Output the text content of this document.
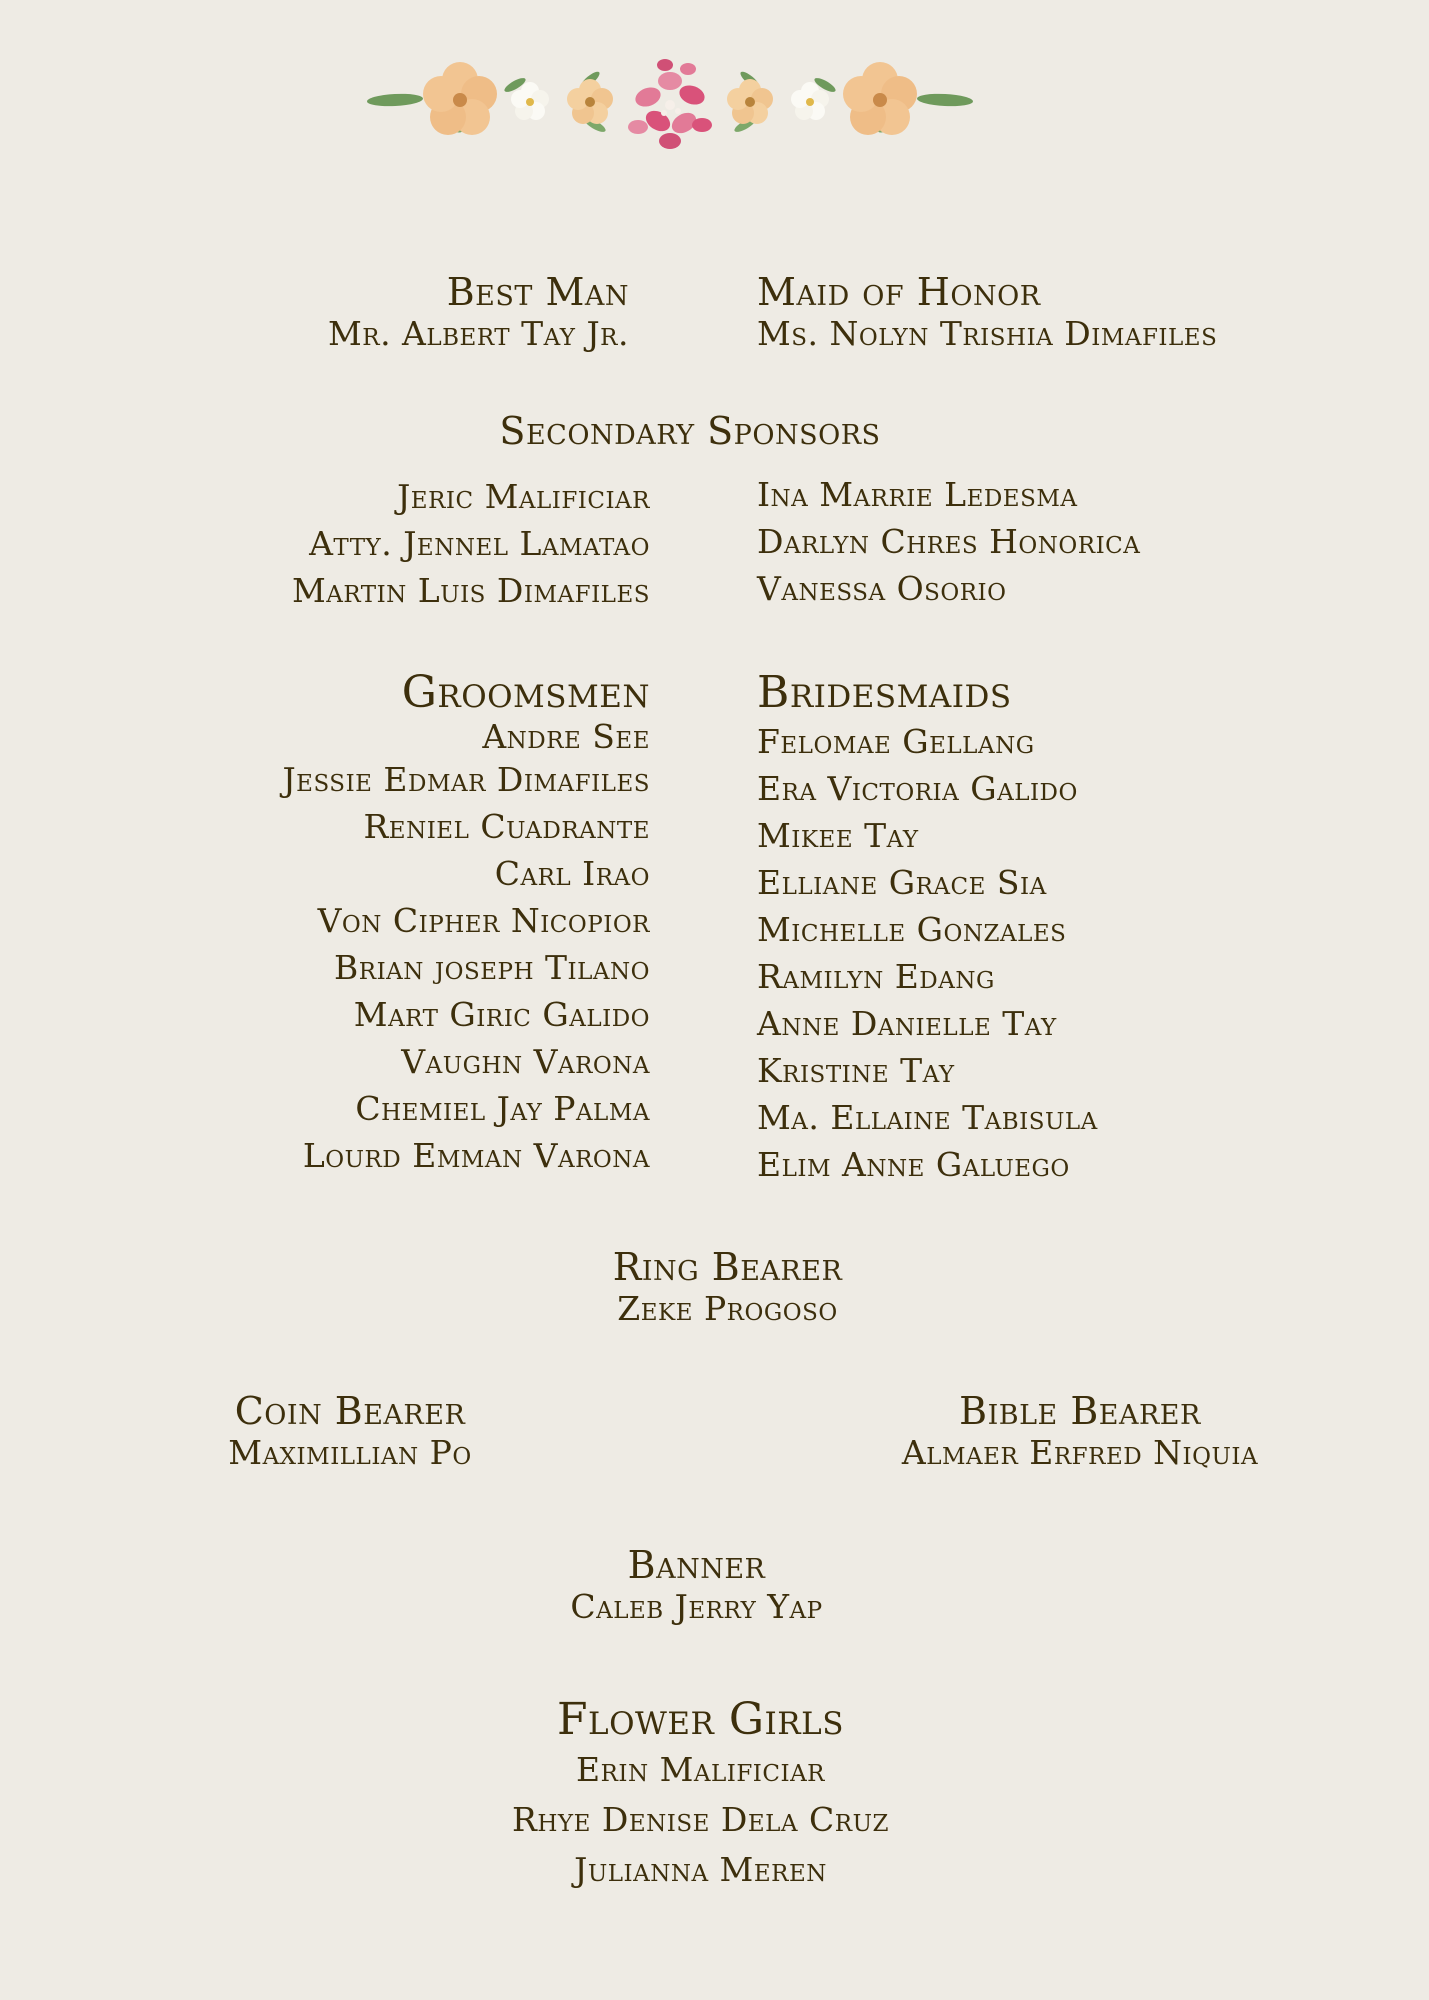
Best Man
Mr. Albert Tay Jr.
Maid of Honor
Ms. Nolyn Trishia Dimafiles
Secondary Sponsors
Jeric Malificiar
Atty. Jennel Lamatao
Martin Luis Dimafiles
Ina Marrie Ledesma
Darlyn Chres Honorica
Vanessa Osorio
Groomsmen
Andre See
Jessie Edmar Dimafiles
Reniel Cuadrante
Carl Irao
Von Cipher Nicopior
Brian joseph Tilano
Mart Giric Galido
Vaughn Varona
Chemiel Jay Palma
Lourd Emman Varona
Bridesmaids
Felomae Gellang
Era Victoria Galido
Mikee Tay
Elliane Grace Sia
Michelle Gonzales
Ramilyn Edang
Anne Danielle Tay
Kristine Tay
Ma. Ellaine Tabisula
Elim Anne Galuego
Ring Bearer
Zeke Progoso
Coin Bearer
Maximillian Po
Bible Bearer
Almaer Erfred Niquia
Banner
Caleb Jerry Yap
Flower Girls
Erin Malificiar
Rhye Denise Dela Cruz
Julianna Meren
